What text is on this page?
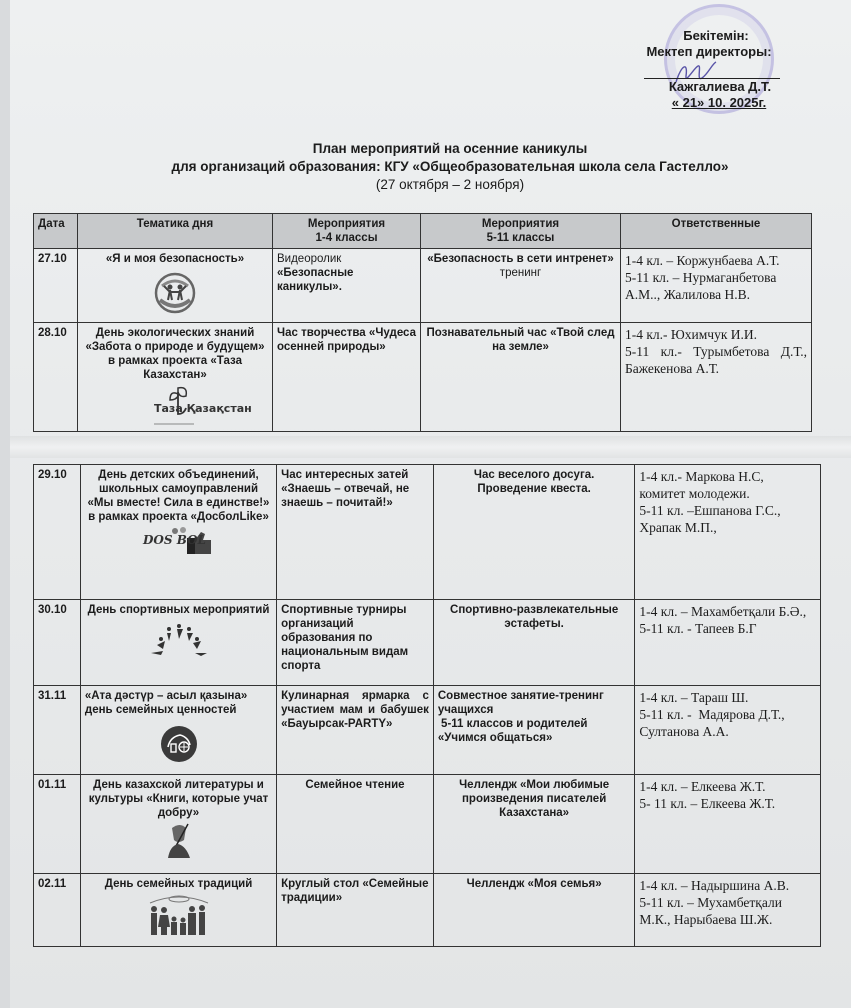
Бекітемін:
Мектеп директоры:
Кажгалиева Д.Т.
« 21» 10. 2025г.
План мероприятий на осенние каникулы
для организаций образования: КГУ «Общеобразовательная школа села Гастелло»
(27 октября – 2 ноября)
Дата	Тематика дня	Мероприятия
1-4 классы	Мероприятия
5-11 классы	Ответственные
27.10	«Я и моя безопасность»	Видеоролик
«Безопасные каникулы».
	«Безопасность в сети интренет» тренинг	
1-4 кл. – Коржунбаева А.Т.
5-11 кл. – Нурмаганбетова А.М.., Жалилова Н.В.

28.10	День экологических знаний «Забота о природе и будущем» в рамках проекта «Таза Казахстан»
Таза Қазақстан
	Час творчества «Чудеса осенней природы»	Познавательный час «Твой след на земле»	
1-4 кл.- Юхимчук И.И.
5-11 кл.- Турымбетова Д.Т., Бажекенова А.Т.
29.10	День детских объединений, школьных самоуправлений «Мы вместе! Сила в единстве!» в рамках проекта «ДосболLike»
DOS BOL
	Час интересных затей «Знаешь – отвечай, не знаешь – почитай!»	Час веселого досуга. Проведение квеста.	
1-4 кл.- Маркова Н.С,
комитет молодежи.
5-11 кл. –Ешпанова Г.С.,
Храпак М.П.,

30.10	День спортивных мероприятий	Спортивные турниры организаций образования по национальным видам спорта	Спортивно-развлекательные эстафеты.	
1-4 кл. – Махамбетқали Б.Ә.,
5-11 кл. - Тапеев Б.Г

31.11	«Ата дәстүр – асыл қазына» день семейных ценностей
	Кулинарная ярмарка с участием мам и бабушек «Бауырсак-PARTY»	
Совместное занятие-тренинг учащихся
5-11 классов и родителей
«Учимся общаться»

1-4 кл. – Тараш Ш.
5-11 кл. -  Мадярова Д.Т.,
Султанова А.А.

01.11	День казахской литературы и культуры «Книги, которые учат добру»
	Семейное чтение	Челлендж «Мои любимые произведения писателей Казахстана»	
1-4 кл. – Елкеева Ж.Т.
5- 11 кл. – Елкеева Ж.Т.

02.11	День семейных традиций	Круглый стол «Семейные традиции»	Челлендж «Моя семья»	1-4 кл. – Надыршина А.В.
5-11 кл. – Мухамбетқали М.К., Нарыбаева Ш.Ж.
